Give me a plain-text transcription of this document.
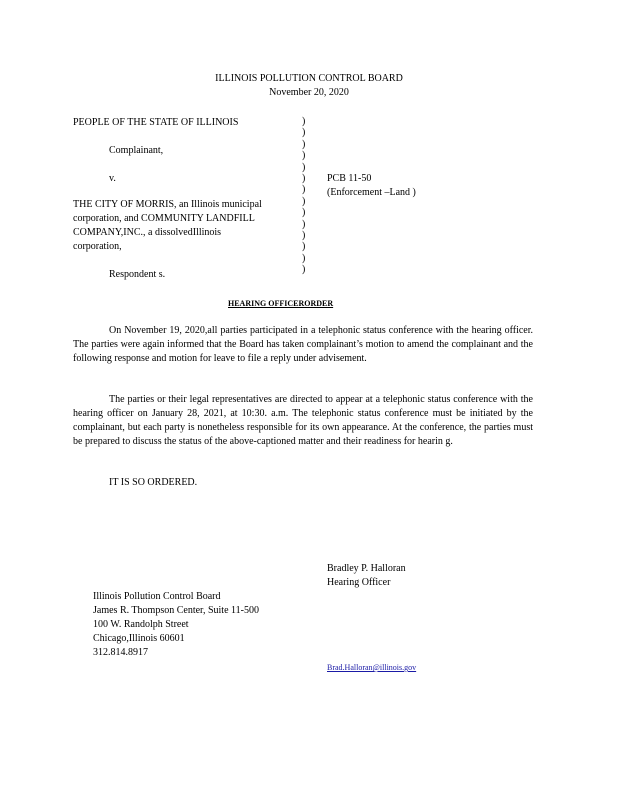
ILLINOIS POLLUTION CONTROL BOARD
November 20, 2020
PEOPLE OF THE STATE OF ILLINOIS
Complainant,
v.
THE CITY OF MORRIS, an Illinois municipal
corporation, and COMMUNITY LANDFILL
COMPANY,INC., a dissolvedIllinois
corporation,
Respondent s.
)
)
)
)
)
)
)
)
)
)
)
)
)
)
PCB 11-50
(Enforcement –Land )
HEARING OFFICERORDER
On November 19, 2020,all parties participated in a telephonic status conference with the hearing officer. The parties were again informed that the Board has taken complainant’s motion to amend the complainant and the following response and motion for leave to file a reply under advisement.
The parties or their legal representatives are directed to appear at a telephonic status conference with the hearing officer on January 28, 2021, at 10:30. a.m. The telephonic status conference must be initiated by the complainant, but each party is nonetheless responsible for its own appearance. At the conference, the parties must be prepared to discuss the status of the above-captioned matter and their readiness for hearin g.
IT IS SO ORDERED.
Bradley P. Halloran
Hearing Officer
Illinois Pollution Control Board
James R. Thompson Center, Suite 11-500
100 W. Randolph Street
Chicago,Illinois 60601
312.814.8917
Brad.Halloran@illinois.gov
